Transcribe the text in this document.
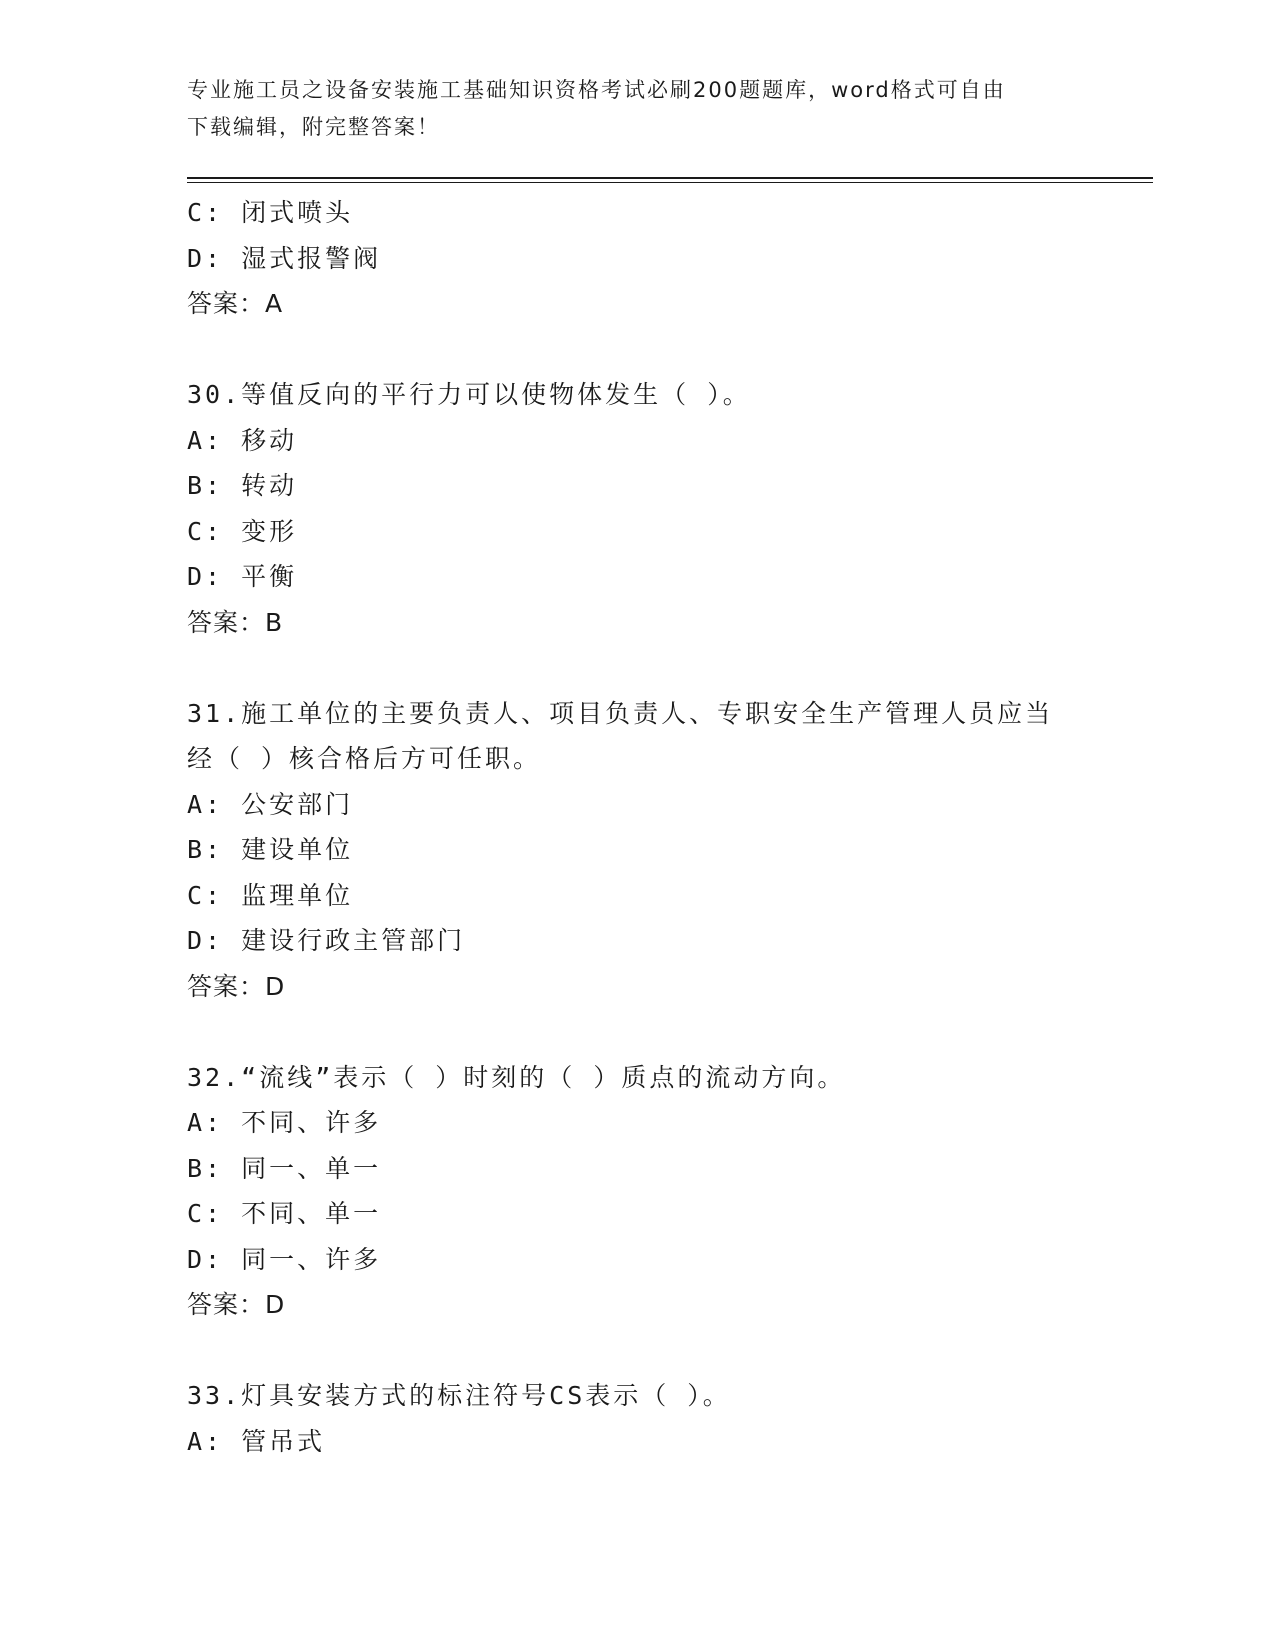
专业施工员之设备安装施工基础知识资格考试必刷200题题库，word格式可自由
下载编辑，附完整答案！
C: 闭式喷头
D: 湿式报警阀
答案：A
30.等值反向的平行力可以使物体发生（ ）。
A: 移动
B: 转动
C: 变形
D: 平衡
答案：B
31.施工单位的主要负责人、项目负责人、专职安全生产管理人员应当
经（ ）核合格后方可任职。
A: 公安部门
B: 建设单位
C: 监理单位
D: 建设行政主管部门
答案：D
32.“流线”表示（ ）时刻的（ ）质点的流动方向。
A: 不同、许多
B: 同一、单一
C: 不同、单一
D: 同一、许多
答案：D
33.灯具安装方式的标注符号CS表示（ ）。
A: 管吊式
